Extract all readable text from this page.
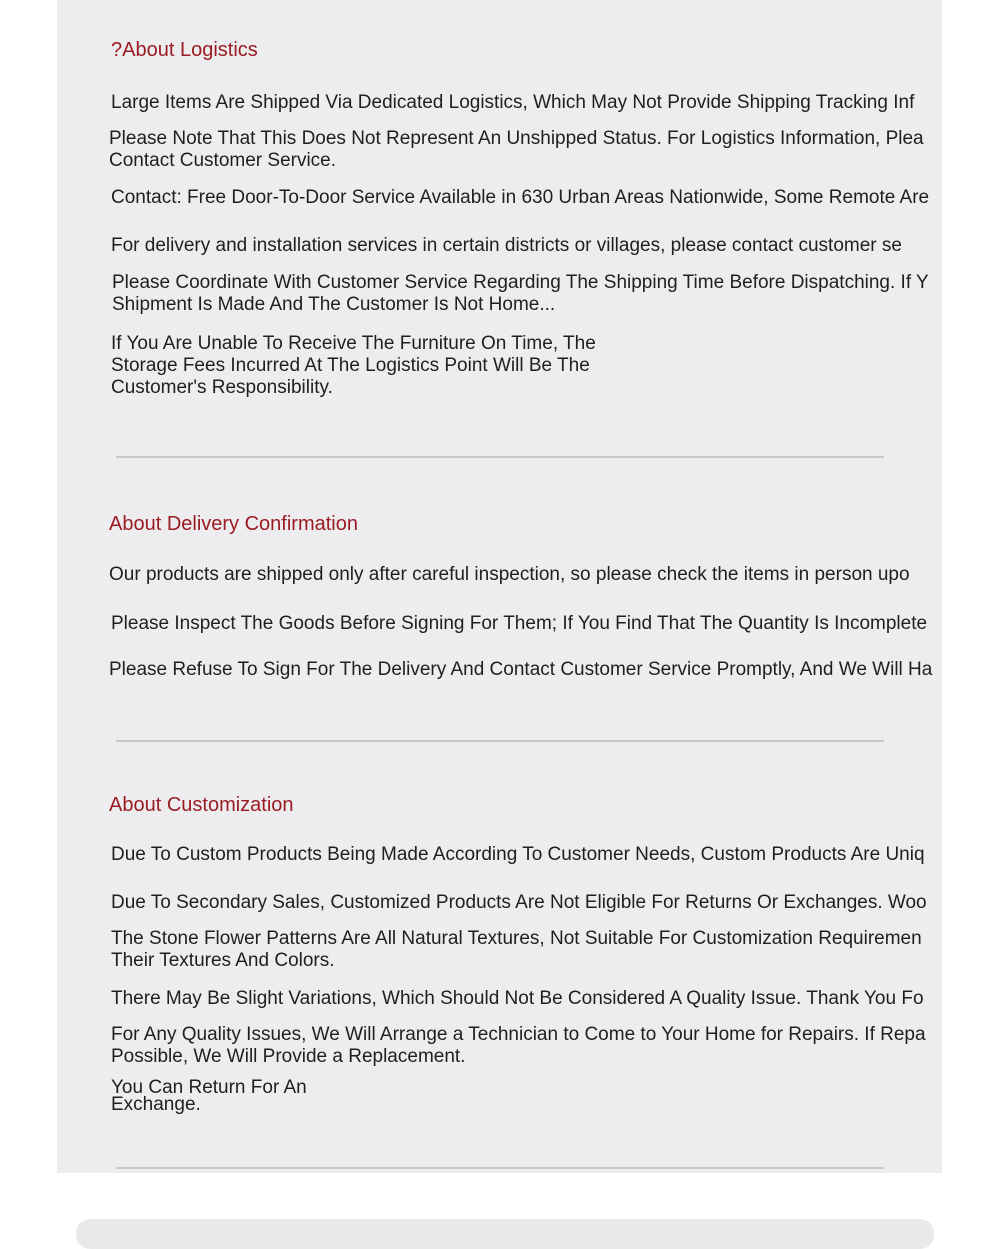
?About Logistics
Large Items Are Shipped Via Dedicated Logistics, Which May Not Provide Shipping Tracking Inf
Please Note That This Does Not Represent An Unshipped Status. For Logistics Information, Plea
Contact Customer Service.
Contact: Free Door-To-Door Service Available in 630 Urban Areas Nationwide, Some Remote Are
For delivery and installation services in certain districts or villages, please contact customer se
Please Coordinate With Customer Service Regarding The Shipping Time Before Dispatching. If Y
Shipment Is Made And The Customer Is Not Home...
If You Are Unable To Receive The Furniture On Time, The Storage Fees Incurred At The Logistics Point Will Be The Customer's Responsibility.
About Delivery Confirmation
Our products are shipped only after careful inspection, so please check the items in person upo
Please Inspect The Goods Before Signing For Them; If You Find That The Quantity Is Incomplete
Please Refuse To Sign For The Delivery And Contact Customer Service Promptly, And We Will Ha
About Customization
Due To Custom Products Being Made According To Customer Needs, Custom Products Are Uniq
Due To Secondary Sales, Customized Products Are Not Eligible For Returns Or Exchanges. Woo
The Stone Flower Patterns Are All Natural Textures, Not Suitable For Customization Requiremen
Their Textures And Colors.
There May Be Slight Variations, Which Should Not Be Considered A Quality Issue. Thank You Fo
For Any Quality Issues, We Will Arrange a Technician to Come to Your Home for Repairs. If Repa
Possible, We Will Provide a Replacement.
You Can Return For An
Exchange.
